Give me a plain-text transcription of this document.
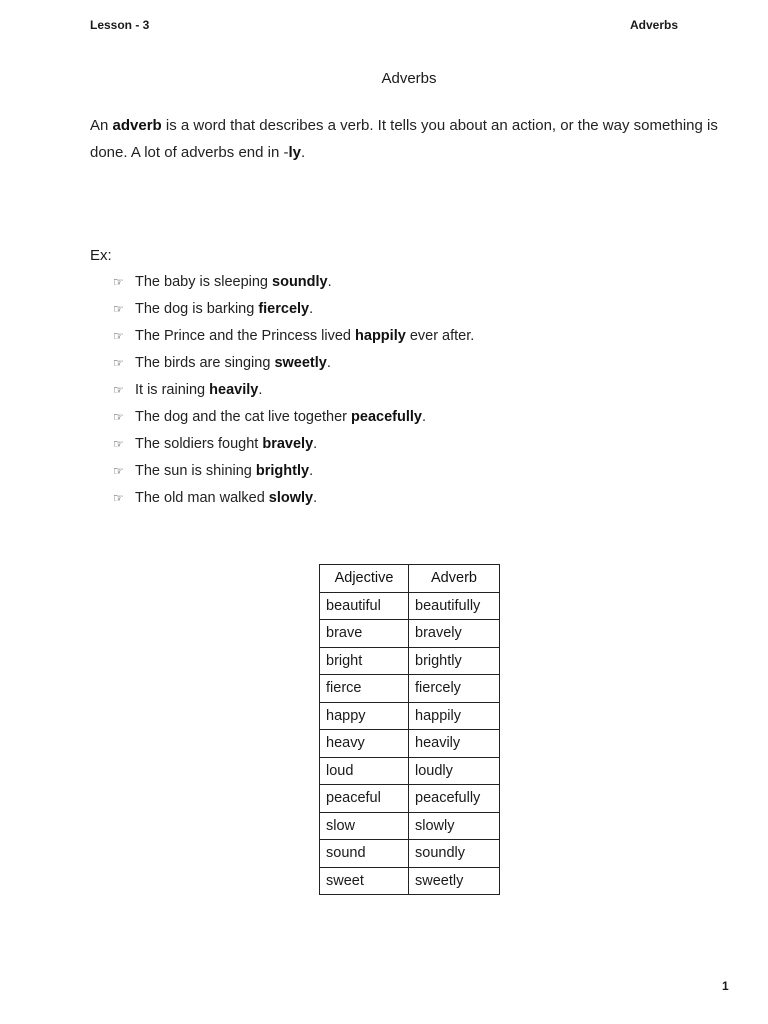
Lesson - 3	Adverbs
Adverbs
An adverb is a word that describes a verb. It tells you about an action, or the way something is done. A lot of adverbs end in -ly.
Ex:
☞ The baby is sleeping soundly.
☞ The dog is barking fiercely.
☞ The Prince and the Princess lived happily ever after.
☞ The birds are singing sweetly.
☞ It is raining heavily.
☞ The dog and the cat live together peacefully.
☞ The soldiers fought bravely.
☞ The sun is shining brightly.
☞ The old man walked slowly.
Adjective	Adverb
beautiful	beautifully
brave	bravely
bright	brightly
fierce	fiercely
happy	happily
heavy	heavily
loud	loudly
peaceful	peacefully
slow	slowly
sound	soundly
sweet	sweetly
1
